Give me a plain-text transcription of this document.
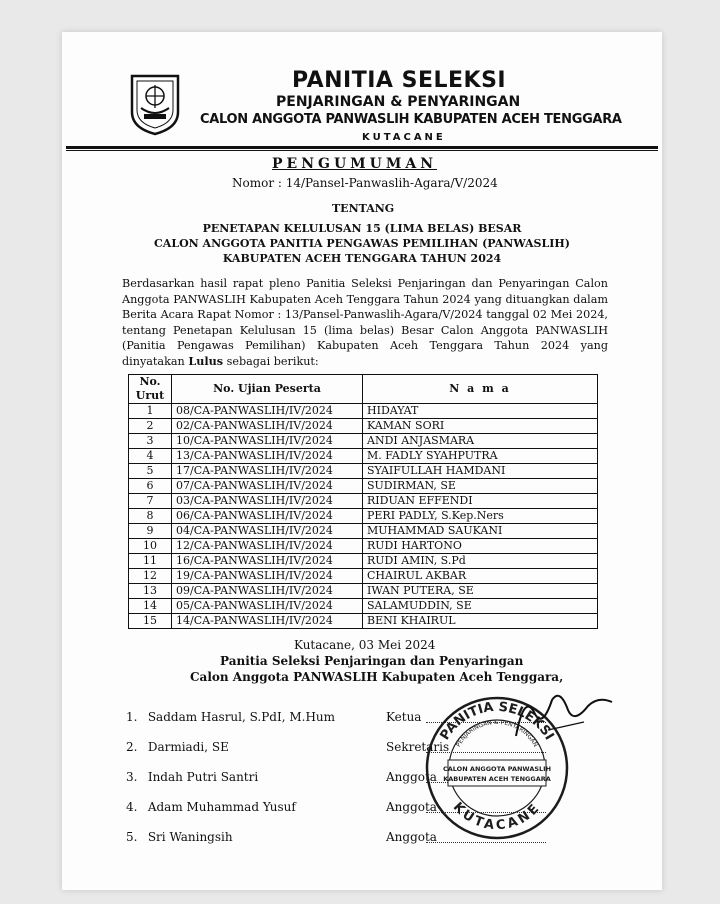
PANITIA SELEKSI
PENJARINGAN & PENYARINGAN
CALON ANGGOTA PANWASLIH KABUPATEN ACEH TENGGARA
KUTACANE
PENGUMUMAN
Nomor : 14/Pansel-Panwaslih-Agara/V/2024
TENTANG
PENETAPAN KELULUSAN 15 (LIMA BELAS) BESAR
CALON ANGGOTA PANITIA PENGAWAS PEMILIHAN (PANWASLIH)
KABUPATEN ACEH TENGGARA TAHUN 2024
Berdasarkan hasil rapat pleno Panitia Seleksi Penjaringan dan Penyaringan Calon Anggota PANWASLIH Kabupaten Aceh Tenggara Tahun 2024 yang dituangkan dalam Berita Acara Rapat Nomor : 13/Pansel-Panwaslih-Agara/V/2024 tanggal 02 Mei 2024, tentang Penetapan Kelulusan 15 (lima belas) Besar Calon Anggota PANWASLIH (Panitia Pengawas Pemilihan) Kabupaten Aceh Tenggara Tahun 2024 yang dinyatakan Lulus sebagai berikut:
No. Urut	No. Ujian Peserta	N a m a
1	08/CA-PANWASLIH/IV/2024	HIDAYAT
2	02/CA-PANWASLIH/IV/2024	KAMAN SORI
3	10/CA-PANWASLIH/IV/2024	ANDI ANJASMARA
4	13/CA-PANWASLIH/IV/2024	M. FADLY SYAHPUTRA
5	17/CA-PANWASLIH/IV/2024	SYAIFULLAH HAMDANI
6	07/CA-PANWASLIH/IV/2024	SUDIRMAN, SE
7	03/CA-PANWASLIH/IV/2024	RIDUAN EFFENDI
8	06/CA-PANWASLIH/IV/2024	PERI PADLY, S.Kep.Ners
9	04/CA-PANWASLIH/IV/2024	MUHAMMAD SAUKANI
10	12/CA-PANWASLIH/IV/2024	RUDI HARTONO
11	16/CA-PANWASLIH/IV/2024	RUDI AMIN, S.Pd
12	19/CA-PANWASLIH/IV/2024	CHAIRUL AKBAR
13	09/CA-PANWASLIH/IV/2024	IWAN PUTERA, SE
14	05/CA-PANWASLIH/IV/2024	SALAMUDDIN, SE
15	14/CA-PANWASLIH/IV/2024	BENI KHAIRUL
Kutacane, 03 Mei 2024
Panitia Seleksi Penjaringan dan Penyaringan
Calon Anggota PANWASLIH Kabupaten Aceh Tenggara,
1. Saddam Hasrul, S.PdI, M.Hum	Ketua
2. Darmiadi, SE	Sekretaris
3. Indah Putri Santri	Anggota
4. Adam Muhammad Yusuf	Anggota
5. Sri Waningsih	Anggota
PANITIA SELEKSI
PENJARINGAN & PENYARINGAN
CALON ANGGOTA PANWASLIH
KABUPATEN ACEH TENGGARA
KUTACANE
